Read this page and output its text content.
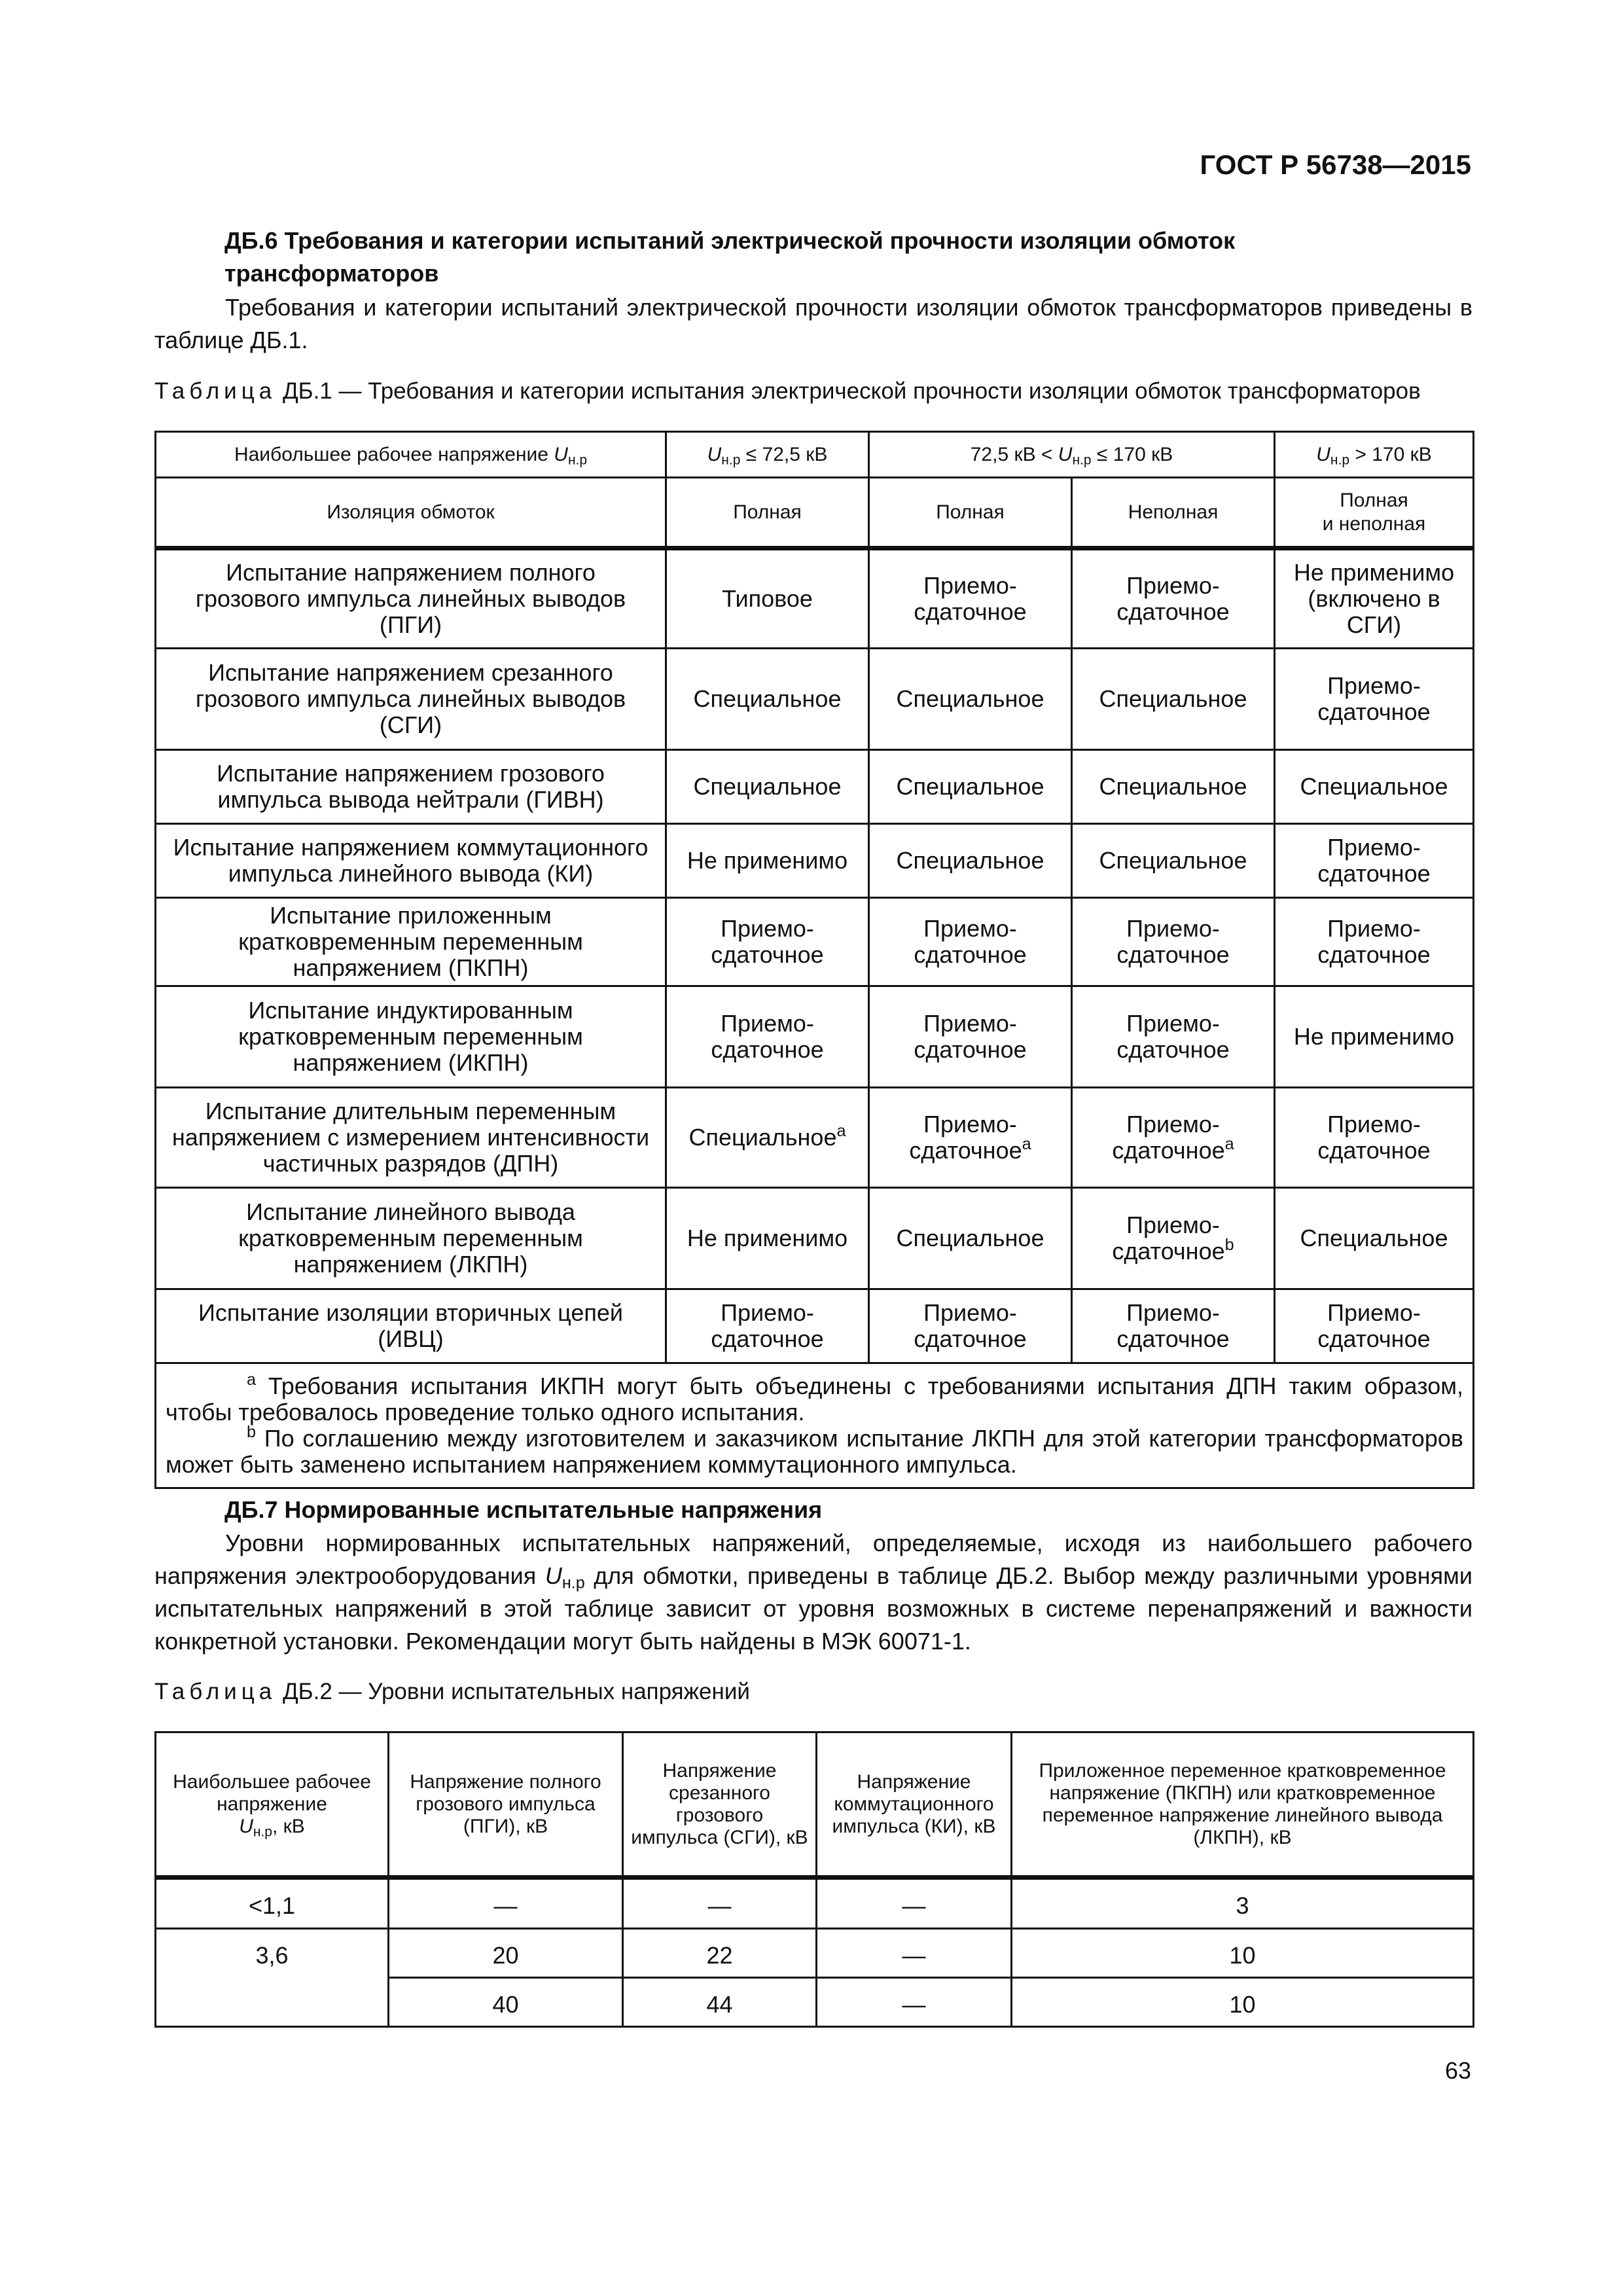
ГОСТ Р 56738—2015
ДБ.6 Требования и категории испытаний электрической прочности изоляции обмоток трансформаторов
Требования и категории испытаний электрической прочности изоляции обмоток трансформаторов приведены в таблице ДБ.1.
Таблица ДБ.1 — Требования и категории испытания электрической прочности изоляции обмоток трансформаторов
Наибольшее рабочее напряжение $U_{н.р}$	$U_{н.р} \le 72,5$ кВ	72,5 кВ < $U_{н.р} \le 170$ кВ		$U_{н.р} > 170$ кВ
Изоляция обмоток	Полная	Полная	Неполная	Полная
и неполная
Испытание напряжением полного грозового импульса линейных выводов (ПГИ)	Типовое	Приемо-сдаточное	Приемо-сдаточное	Не применимо (включено в СГИ)
Испытание напряжением срезанного грозового импульса линейных выводов (СГИ)	Специальное	Специальное	Специальное	Приемо-сдаточное
Испытание напряжением грозового импульса вывода нейтрали (ГИВН)	Специальное	Специальное	Специальное	Специальное
Испытание напряжением коммутационного импульса линейного вывода (КИ)	Не применимо	Специальное	Специальное	Приемо-сдаточное
Испытание приложенным кратковременным переменным напряжением (ПКПН)	Приемо-сдаточное	Приемо-сдаточное	Приемо-сдаточное	Приемо-сдаточное
Испытание индуктированным кратковременным переменным напряжением (ИКПН)	Приемо-сдаточное	Приемо-сдаточное	Приемо-сдаточное	Не применимо
Испытание длительным переменным напряжением с измерением интенсивности частичных разрядов (ДПН)	Специальное$^a$	Приемо-сдаточное$^a$	Приемо-сдаточное$^a$	Приемо-сдаточное
Испытание линейного вывода кратковременным переменным напряжением (ЛКПН)	Не применимо	Специальное	Приемо-сдаточное$^b$	Специальное
Испытание изоляции вторичных цепей (ИВЦ)	Приемо-сдаточное	Приемо-сдаточное	Приемо-сдаточное	Приемо-сдаточное

$^a$ Требования испытания ИКПН могут быть объединены с требованиями испытания ДПН таким образом, чтобы требовалось проведение только одного испытания.
$^b$ По соглашению между изготовителем и заказчиком испытание ЛКПН для этой категории трансформаторов может быть заменено испытанием напряжением коммутационного импульса.				
ДБ.7 Нормированные испытательные напряжения
Уровни нормированных испытательных напряжений, определяемые, исходя из наибольшего рабочего напряжения электрооборудования $U_{н.р}$ для обмотки, приведены в таблице ДБ.2. Выбор между различными уровнями испытательных напряжений в этой таблице зависит от уровня возможных в системе перенапряжений и важности конкретной установки. Рекомендации могут быть найдены в МЭК 60071-1.
Таблица ДБ.2 — Уровни испытательных напряжений
Наибольшее рабочее напряжение
$U_{н.р}$, кВ	Напряжение полного грозового импульса (ПГИ), кВ	Напряжение срезанного грозового импульса (СГИ), кВ	Напряжение коммутационного импульса (КИ), кВ	Приложенное переменное кратковременное напряжение (ПКПН) или кратковременное переменное напряжение линейного вывода (ЛКПН), кВ
<1,1	—	—	—	3
3,6	20	22	—	10
	40	44	—	10
63
